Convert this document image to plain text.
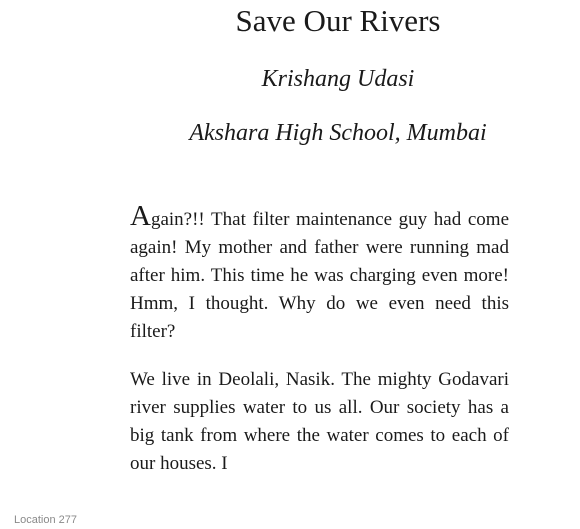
Save Our Rivers

Krishang Udasi

Akshara High School, Mumbai

Again?!! That filter maintenance guy had come again! My mother and father were running mad after him. This time he was charging even more! Hmm, I thought. Why do we even need this filter?

We live in Deolali, Nasik. The mighty Godavari river supplies water to us all. Our society has a big tank from where the water comes to each of our houses. I

Location 277
